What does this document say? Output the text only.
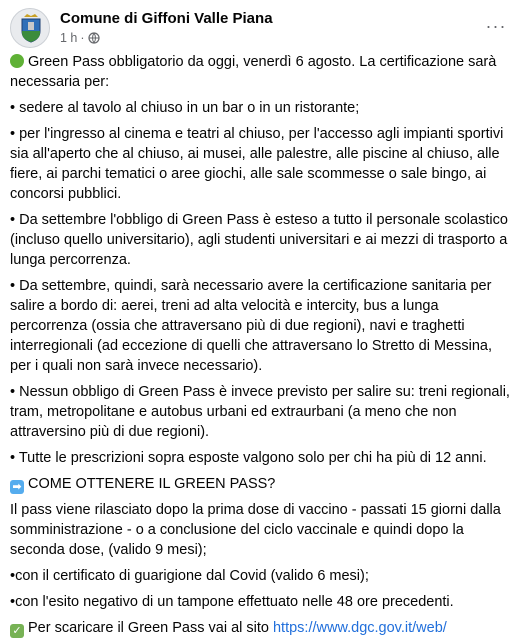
Comune di Giffoni Valle Piana
1 h ·
···

Green Pass obbligatorio da oggi, venerdì 6 agosto. La certificazione sarà necessaria per:

• sedere al tavolo al chiuso in un bar o in un ristorante;

• per l'ingresso al cinema e teatri al chiuso, per l'accesso agli impianti sportivi sia all'aperto che al chiuso, ai musei, alle palestre, alle piscine al chiuso, alle fiere, ai parchi tematici o aree giochi, alle sale scommesse o sale bingo, ai concorsi pubblici.

• Da settembre l'obbligo di Green Pass è esteso a tutto il personale scolastico (incluso quello universitario), agli studenti universitari e ai mezzi di trasporto a lunga percorrenza.

• Da settembre, quindi, sarà necessario avere la certificazione sanitaria per salire a bordo di: aerei, treni ad alta velocità e intercity, bus a lunga percorrenza (ossia che attraversano più di due regioni), navi e traghetti interregionali (ad eccezione di quelli che attraversano lo Stretto di Messina, per i quali non sarà invece necessario).

• Nessun obbligo di Green Pass è invece previsto per salire su: treni regionali, tram, metropolitane e autobus urbani ed extraurbani (a meno che non attraversino più di due regioni).

• Tutte le prescrizioni sopra esposte valgono solo per chi ha più di 12 anni.

➡ COME OTTENERE IL GREEN PASS?

Il pass viene rilasciato dopo la prima dose di vaccino - passati 15 giorni dalla somministrazione - o a conclusione del ciclo vaccinale e quindi dopo la seconda dose, (valido 9 mesi);

•con il certificato di guarigione dal Covid (valido 6 mesi);

•con l'esito negativo di un tampone effettuato nelle 48 ore precedenti.

✓ Per scaricare il Green Pass vai al sito https://www.dgc.gov.it/web/
